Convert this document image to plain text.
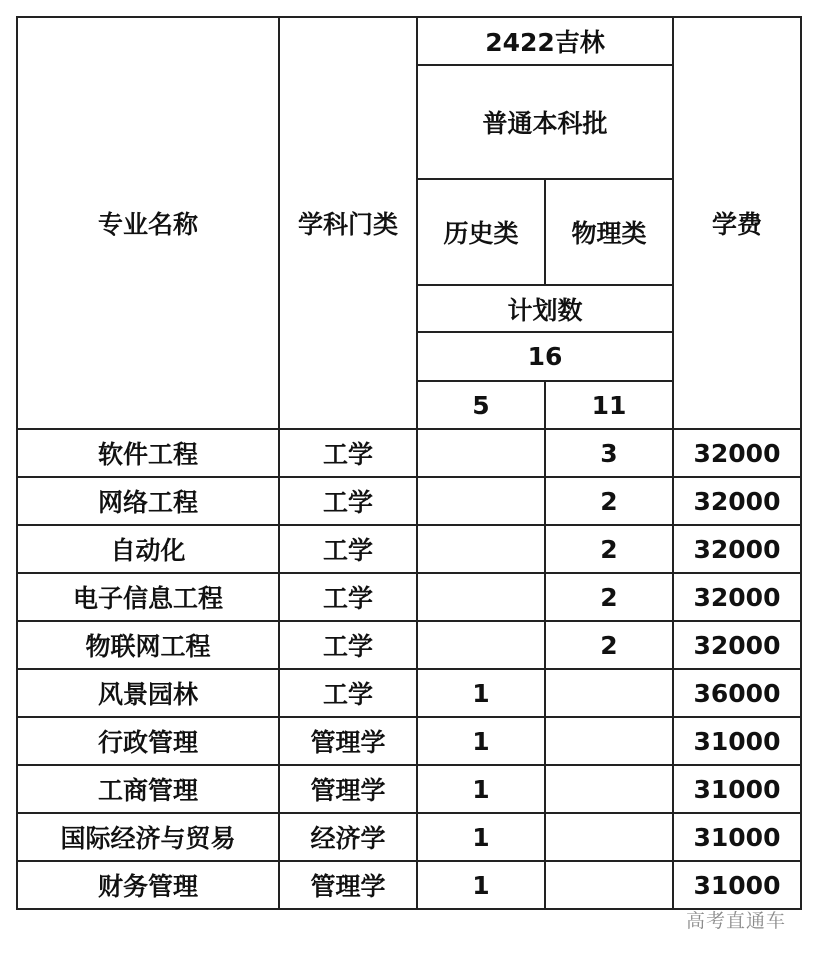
专业名称	学科门类	2422吉林		学费
		普通本科批		
		历史类	物理类	
		计划数		
		16		
		5	11	

软件工程	工学		3	32000
网络工程	工学		2	32000
自动化	工学		2	32000
电子信息工程	工学		2	32000
物联网工程	工学		2	32000
风景园林	工学	1		36000
行政管理	管理学	1		31000
工商管理	管理学	1		31000
国际经济与贸易	经济学	1		31000
财务管理	管理学	1		31000
高考直通车
